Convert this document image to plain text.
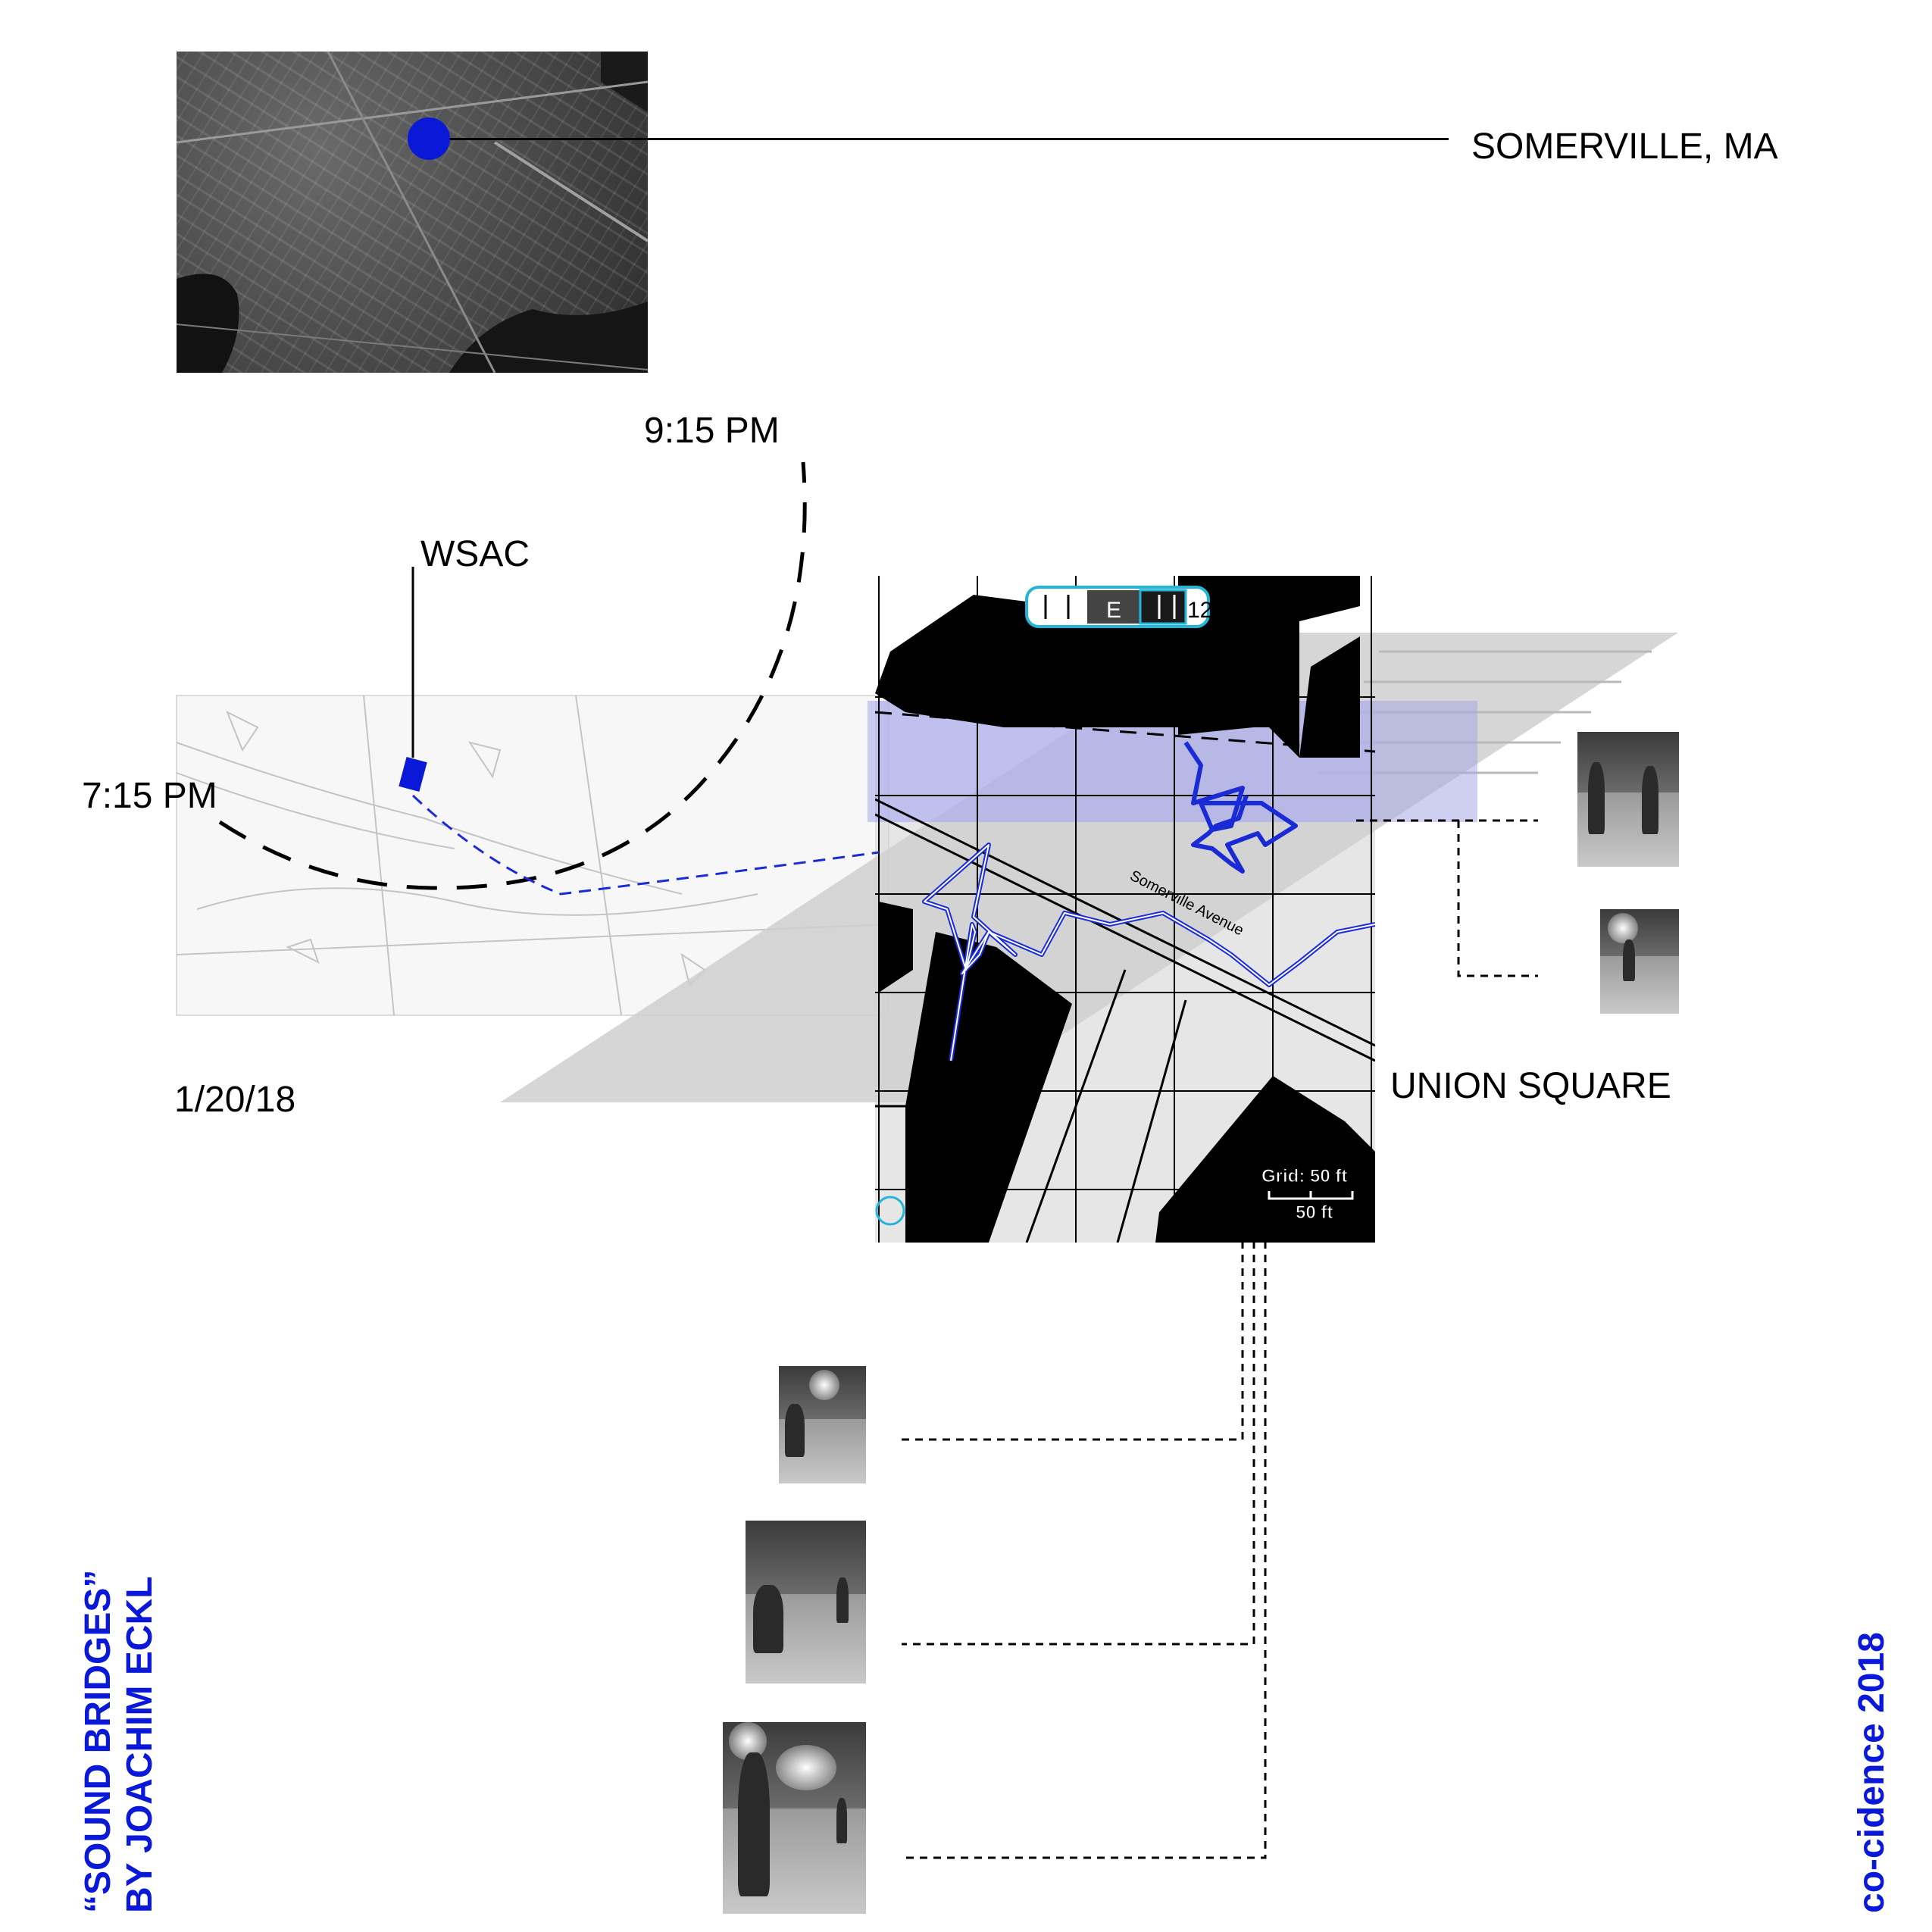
SOMERVILLE, MA
Somerville Avenue
E	120
Grid: 50 ft
50 ft
9:15 PM
WSAC
7:15 PM
1/20/18	UNION SQUARE
“SOUND BRIDGES” BY JOACHIM ECKL	co-cidence 2018
